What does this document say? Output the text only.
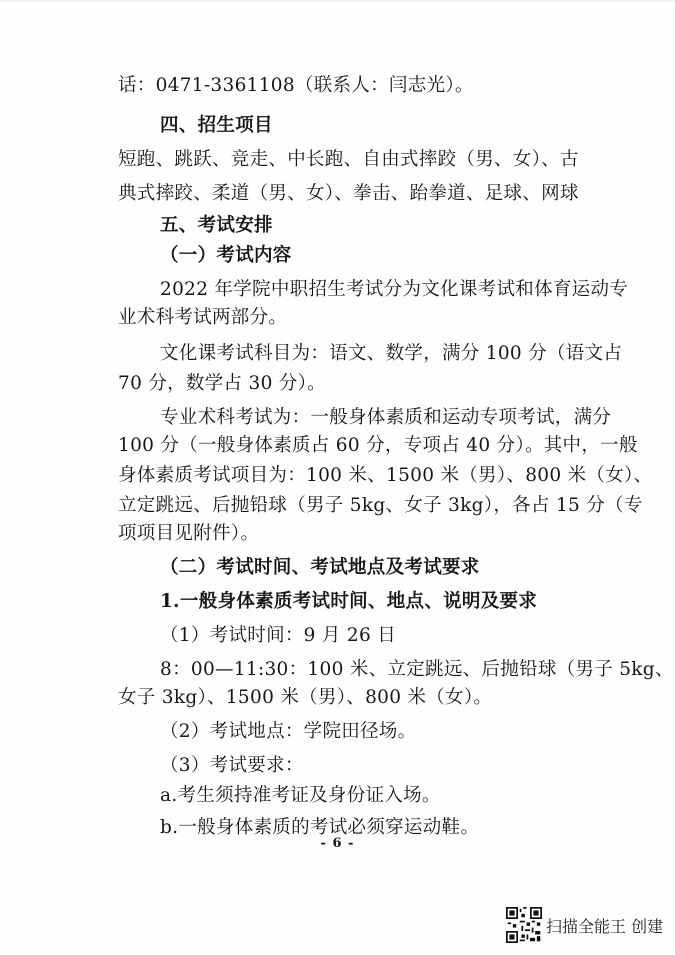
话：0471-3361108（联系人：闫志光）。
四、招生项目
短跑、跳跃、竞走、中长跑、自由式摔跤（男、女）、古
典式摔跤、柔道（男、女）、拳击、跆拳道、足球、网球
五、考试安排
（一）考试内容
2022 年学院中职招生考试分为文化课考试和体育运动专
业术科考试两部分。
文化课考试科目为：语文、数学，满分 100 分（语文占
70 分，数学占 30 分）。
专业术科考试为：一般身体素质和运动专项考试，满分
100 分（一般身体素质占 60 分，专项占 40 分）。其中，一般
身体素质考试项目为：100 米、1500 米（男）、800 米（女）、
立定跳远、后抛铅球（男子 5kg、女子 3kg），各占 15 分（专
项项目见附件）。
（二）考试时间、考试地点及考试要求
1.一般身体素质考试时间、地点、说明及要求
（1）考试时间：9 月 26 日
8：00—11:30：100 米、立定跳远、后抛铅球（男子 5kg、
女子 3kg）、1500 米（男）、800 米（女）。
（2）考试地点：学院田径场。
（3）考试要求：
a.考生须持准考证及身份证入场。
b.一般身体素质的考试必须穿运动鞋。
- 6 -
扫描全能王 创建
